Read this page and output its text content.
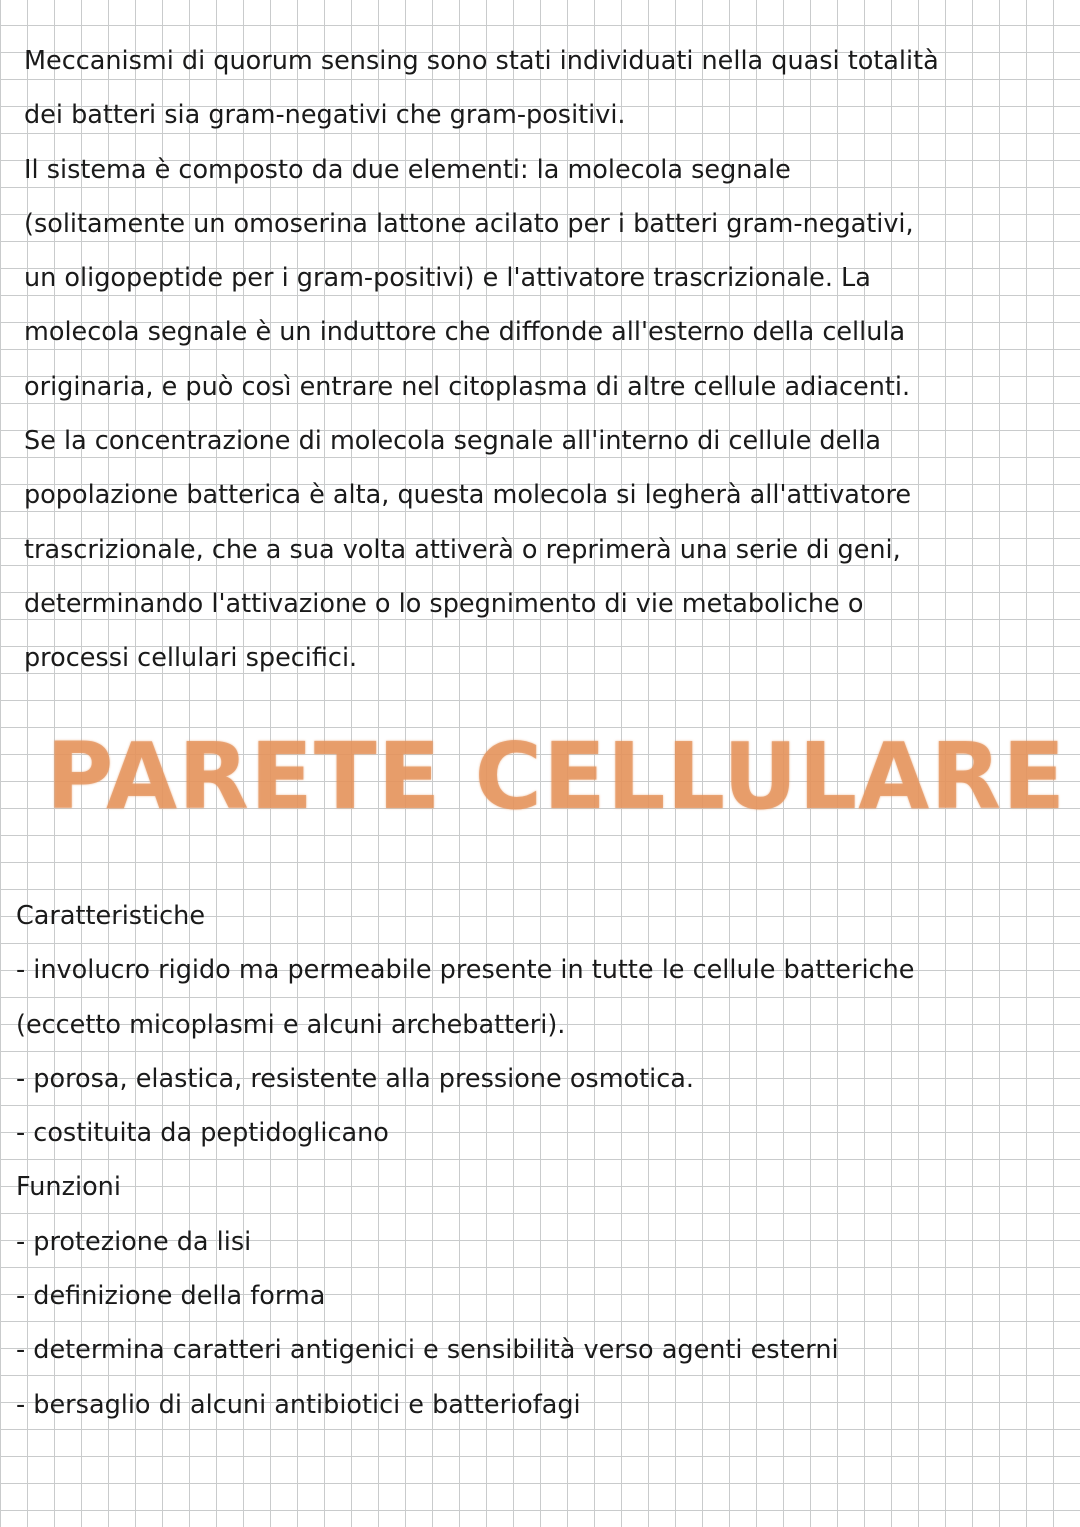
Meccanismi di quorum sensing sono stati individuati nella quasi totalità
dei batteri sia gram-negativi che gram-positivi.
Il sistema è composto da due elementi: la molecola segnale
(solitamente un omoserina lattone acilato per i batteri gram-negativi,
un oligopeptide per i gram-positivi) e l'attivatore trascrizionale. La
molecola segnale è un induttore che diffonde all'esterno della cellula
originaria, e può così entrare nel citoplasma di altre cellule adiacenti.
Se la concentrazione di molecola segnale all'interno di cellule della
popolazione batterica è alta, questa molecola si legherà all'attivatore
trascrizionale, che a sua volta attiverà o reprimerà una serie di geni,
determinando l'attivazione o lo spegnimento di vie metaboliche o
processi cellulari specifici.

PARETE CELLULARE
Caratteristiche
- involucro rigido ma permeabile presente in tutte le cellule batteriche
(eccetto micoplasmi e alcuni archebatteri).
- porosa, elastica, resistente alla pressione osmotica.
- costituita da peptidoglicano
Funzioni
- protezione da lisi
- definizione della forma
- determina caratteri antigenici e sensibilità verso agenti esterni
- bersaglio di alcuni antibiotici e batteriofagi
